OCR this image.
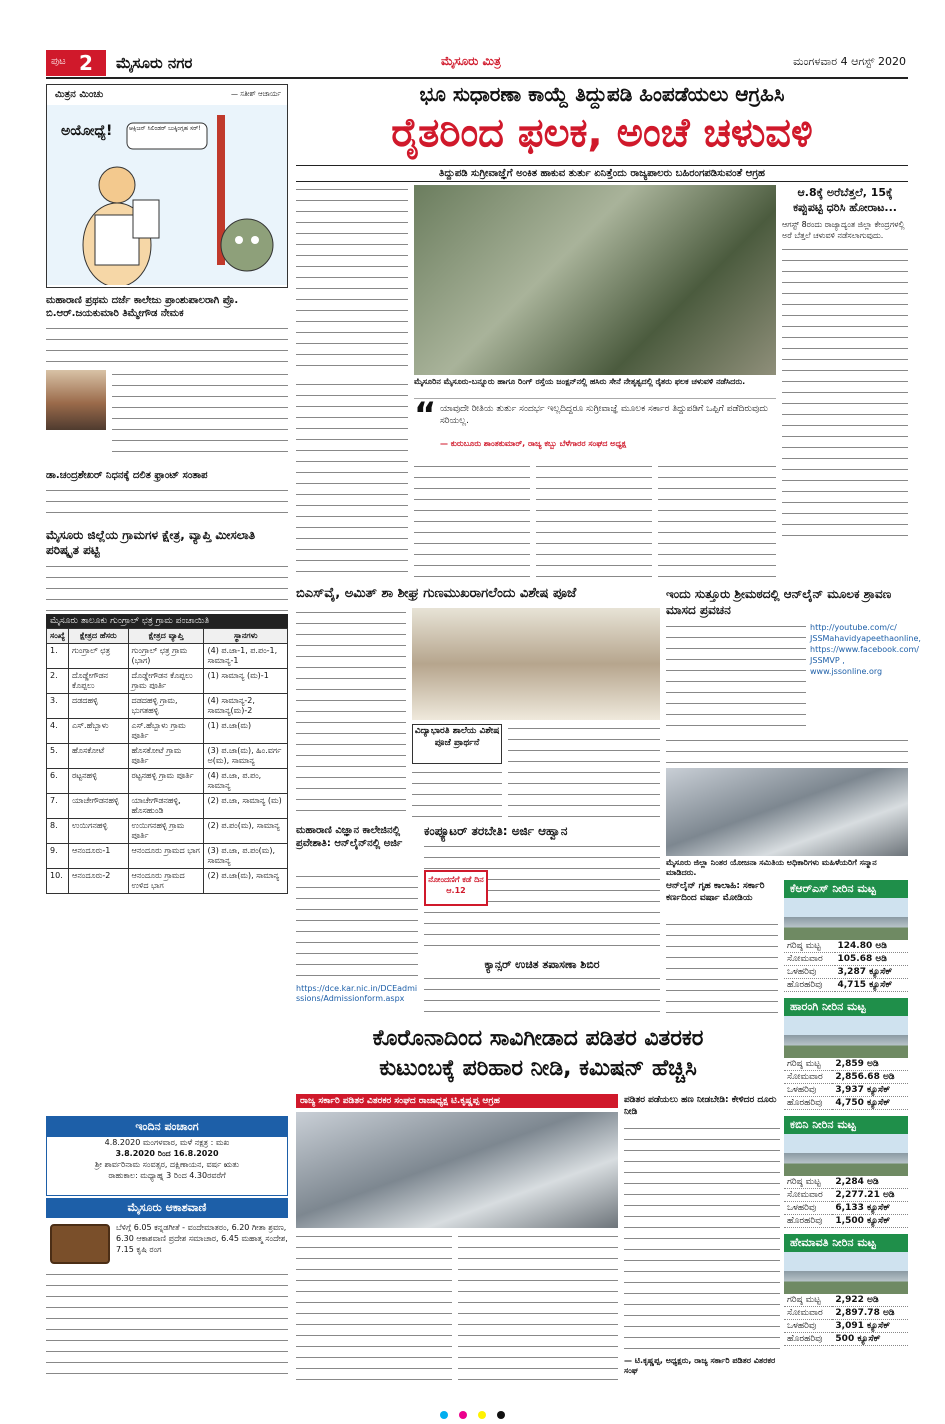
ಪುಟ 2 ಮೈಸೂರು ನಗರ	ಮೈಸೂರು ಮಿತ್ರ	ಮಂಗಳವಾರ 4 ಆಗಸ್ಟ್ 2020
ಮಿತ್ರನ ಮಿಂಚು	— ಸತೀಶ್ ಆಚಾರ್ಯ
ಅಯೋಧ್ಯೆ!	ಆಕ್ಸಿಜನ್ ಸಿಲಿಂಡರ್ ಬುಕ್ಕಿಂಗ್ಸಹ ಸರ್!
ಮಹಾರಾಣಿ ಪ್ರಥಮ ದರ್ಜೆ ಕಾಲೇಜು ಪ್ರಾಂಶುಪಾಲರಾಗಿ ಪ್ರೊ. ಬಿ.ಆರ್.ಜಯಕುಮಾರಿ ತಿಮ್ಮೇಗೌಡ ನೇಮಕ
ಡಾ.ಚಂದ್ರಶೇಖರ್ ನಿಧನಕ್ಕೆ ದಲಿತ ಫ್ರಾಂಟ್ ಸಂತಾಪ
ಮೈಸೂರು ಜಿಲ್ಲೆಯ ಗ್ರಾಮಗಳ ಕ್ಷೇತ್ರ, ವ್ಯಾಪ್ತಿ ಮೀಸಲಾತಿ ಪರಿಷ್ಕೃತ ಪಟ್ಟಿ
ಮೈಸೂರು ತಾಲೂಕು ಗುಂಗ್ರಾಲ್ ಛತ್ರ ಗ್ರಾಮ ಪಂಚಾಯಿತಿ
ಸಂಖ್ಯೆ	ಕ್ಷೇತ್ರದ ಹೆಸರು	ಕ್ಷೇತ್ರದ ವ್ಯಾಪ್ತಿ	ಸ್ಥಾನಗಳು
1.	ಗುಂಗ್ರಾಲ್ ಛತ್ರ	ಗುಂಗ್ರಾಲ್ ಛತ್ರ ಗ್ರಾಮ (ಭಾಗ)	(4) ಪ.ಜಾ-1, ಪ.ಪಂ-1, ಸಾಮಾನ್ಯ-1
2.	ದೊಡ್ಡೇಗೌಡನ ಕೊಪ್ಪಲು	ದೊಡ್ಡೇಗೌಡನ ಕೊಪ್ಪಲು ಗ್ರಾಮ ಪೂರ್ತಿ	(1) ಸಾಮಾನ್ಯ (ಮ)-1
3.	ದಡದಹಳ್ಳಿ	ದಡದಹಳ್ಳಿ ಗ್ರಾಮ, ಭುಗತಹಳ್ಳಿ	(4) ಸಾಮಾನ್ಯ-2, ಸಾಮಾನ್ಯ(ಮ)-2
4.	ಎಸ್.ಹೆಬ್ಬಾಳು	ಎಸ್.ಹೆಬ್ಬಾಳು ಗ್ರಾಮ ಪೂರ್ತಿ	(1) ಪ.ಜಾ(ಮ)
5.	ಹೊಸಕೋಟೆ	ಹೊಸಕೋಟೆ ಗ್ರಾಮ ಪೂರ್ತಿ	(3) ಪ.ಜಾ(ಮ), ಹಿಂ.ವರ್ಗ ಅ(ಮ), ಸಾಮಾನ್ಯ
6.	ರಟ್ಟನಹಳ್ಳಿ	ರಟ್ಟನಹಳ್ಳಿ ಗ್ರಾಮ ಪೂರ್ತಿ	(4) ಪ.ಜಾ, ಪ.ಪಂ, ಸಾಮಾನ್ಯ
7.	ಯಾಚೇಗೌಡನಹಳ್ಳಿ	ಯಾಚೇಗೌಡನಹಳ್ಳಿ, ಹೊಸಹುಂಡಿ	(2) ಪ.ಜಾ, ಸಾಮಾನ್ಯ (ಮ)
8.	ಉಯಿಗನಹಳ್ಳಿ	ಉಯಿಗನಹಳ್ಳಿ ಗ್ರಾಮ ಪೂರ್ತಿ	(2) ಪ.ಪಂ(ಮ), ಸಾಮಾನ್ಯ
9.	ಆನಂದೂರು-1	ಆನಂದೂರು ಗ್ರಾಮದ ಭಾಗ	(3) ಪ.ಜಾ, ಪ.ಪಂ(ಮ), ಸಾಮಾನ್ಯ
10.	ಆನಂದೂರು-2	ಆನಂದೂರು ಗ್ರಾಮದ ಉಳಿದ ಭಾಗ	(2) ಪ.ಜಾ(ಮ), ಸಾಮಾನ್ಯ
ಇಂದಿನ ಪಂಚಾಂಗ
4.8.2020 ಮಂಗಳವಾರ, ಮಳೆ ನಕ್ಷತ್ರ : ಮಖ
3.8.2020 ರಿಂದ 16.8.2020
ಶ್ರೀ ಶಾರ್ವರಿನಾಮ ಸಂವತ್ಸರ, ದಕ್ಷಿಣಾಯನ, ವರ್ಷ ಋತು
ರಾಹುಕಾಲ: ಮಧ್ಯಾಹ್ನ 3 ರಿಂದ 4.30ರವರೆಗೆ
ಮೈಸೂರು ಆಕಾಶವಾಣಿ
ಬೆಳಿಗ್ಗೆ 6.05 ಕನ್ನಡಗೀತೆ - ವಂದೇಮಾತರಂ, 6.20 ಗೀತಾ ಶ್ರವಣ, 6.30 ಆಕಾಶವಾಣಿ ಪ್ರದೇಶ ಸಮಾಚಾರ, 6.45 ಮಹಾತ್ಮ ಸಂದೇಶ, 7.15 ಕೃಷಿ ರಂಗ
ಭೂ ಸುಧಾರಣಾ ಕಾಯ್ದೆ ತಿದ್ದುಪಡಿ ಹಿಂಪಡೆಯಲು ಆಗ್ರಹಿಸಿ
ರೈತರಿಂದ ಫಲಕ, ಅಂಚೆ ಚಳುವಳಿ
ತಿದ್ದುಪಡಿ ಸುಗ್ರೀವಾಜ್ಞೆಗೆ ಅಂಕಿತ ಹಾಕುವ ತುರ್ತು ಏನಿತ್ತೆಂದು ರಾಜ್ಯಪಾಲರು ಬಹಿರಂಗಪಡಿಸುವಂತೆ ಆಗ್ರಹ
ಮೈಸೂರಿನ ಮೈಸೂರು-ಬನ್ನೂರು ಹಾಗೂ ರಿಂಗ್ ರಸ್ತೆಯ ಜಂಕ್ಷನ್‌ನಲ್ಲಿ ಹಸಿರು ಸೇನೆ ನೇತೃತ್ವದಲ್ಲಿ ರೈತರು ಫಲಕ ಚಳುವಳಿ ನಡೆಸಿದರು.
“ ಯಾವುದೇ ರೀತಿಯ ತುರ್ತು ಸಂದರ್ಭ ಇಲ್ಲದಿದ್ದರೂ ಸುಗ್ರೀವಾಜ್ಞೆ ಮೂಲಕ ಸರ್ಕಾರ ತಿದ್ದುಪಡಿಗೆ ಒಪ್ಪಿಗೆ ಪಡೆದಿರುವುದು ಸರಿಯಲ್ಲ.
— ಕುರುಬೂರು ಶಾಂತಕುಮಾರ್, ರಾಜ್ಯ ಕಬ್ಬು ಬೆಳೆಗಾರರ ಸಂಘದ ಅಧ್ಯಕ್ಷ
ಆ.8ಕ್ಕೆ ಅರೆಬೆತ್ತಲೆ, 15ಕ್ಕೆ ಕಪ್ಪುಪಟ್ಟಿ ಧರಿಸಿ ಹೋರಾಟ...
ಆಗಸ್ಟ್ 8ರಂದು ರಾಜ್ಯಾದ್ಯಂತ ಜಿಲ್ಲಾ ಕೇಂದ್ರಗಳಲ್ಲಿ ಅರೆ ಬೆತ್ತಲೆ ಚಳುವಳಿ ನಡೆಸಲಾಗುವುದು.
ಬಿಎಸ್‌ವೈ, ಅಮಿತ್ ಶಾ ಶೀಘ್ರ ಗುಣಮುಖರಾಗಲೆಂದು ವಿಶೇಷ ಪೂಜೆ
ವಿದ್ಯಾಭಾರತಿ ಶಾಲೆಯ ವಿಶೇಷ ಪೂಜೆ ಪ್ರಾರ್ಥನೆ
ಇಂದು ಸುತ್ತೂರು ಶ್ರೀಮಠದಲ್ಲಿ ಆನ್‌ಲೈನ್ ಮೂಲಕ ಶ್ರಾವಣ ಮಾಸದ ಪ್ರವಚನ
http://youtube.com/c/
JSSMahavidyapeethaonline,
https://www.facebook.com/
JSSMVP , www.jssonline.org
ಮೈಸೂರು ಜಿಲ್ಲಾ ನಿಂತರ ಯೋಜನಾ ಸಮಿತಿಯ ಅಧಿಕಾರಿಗಳು ಮಹಿಳೆಯರಿಗೆ ಸನ್ಮಾನ ಮಾಡಿದರು.
ಮಹಾರಾಣಿ ವಿಜ್ಞಾನ ಕಾಲೇಜಿನಲ್ಲಿ ಪ್ರವೇಶಾತಿ: ಆನ್‌ಲೈನ್‌ನಲ್ಲಿ ಅರ್ಜಿ
https://dce.kar.nic.in/DCEadmissions/Admissionform.aspx
ಕಂಪ್ಯೂಟರ್ ತರಬೇತಿ: ಅರ್ಜಿ ಆಹ್ವಾನ
ನೋಂದಣಿಗೆ ಕಡೆ ದಿನ ಆ.12
ಕ್ಯಾನ್ಸರ್ ಉಚಿತ ತಪಾಸಣಾ ಶಿಬಿರ
ಆನ್‌ಲೈನ್ ಗೃಹ ಕಾಲಾಹಿ: ಸರ್ಕಾರಿ ಕರ್ಣದಿಂದ ವರ್ಷಾ ಮೋಡಿಯ
ಕೆಆರ್‌ಎಸ್ ನೀರಿನ ಮಟ್ಟ
ಗರಿಷ್ಠ ಮಟ್ಟ	124.80 ಅಡಿ
ಸೋಮವಾರ	105.68 ಅಡಿ
ಒಳಹರಿವು	3,287 ಕ್ಯೂಸೆಕ್
ಹೊರಹರಿವು	4,715 ಕ್ಯೂಸೆಕ್
ಹಾರಂಗಿ ನೀರಿನ ಮಟ್ಟ
ಗರಿಷ್ಠ ಮಟ್ಟ	2,859 ಅಡಿ
ಸೋಮವಾರ	2,856.68 ಅಡಿ
ಒಳಹರಿವು	3,937 ಕ್ಯೂಸೆಕ್
ಹೊರಹರಿವು	4,750 ಕ್ಯೂಸೆಕ್
ಕಬಿನಿ ನೀರಿನ ಮಟ್ಟ
ಗರಿಷ್ಠ ಮಟ್ಟ	2,284 ಅಡಿ
ಸೋಮವಾರ	2,277.21 ಅಡಿ
ಒಳಹರಿವು	6,133 ಕ್ಯೂಸೆಕ್
ಹೊರಹರಿವು	1,500 ಕ್ಯೂಸೆಕ್
ಹೇಮಾವತಿ ನೀರಿನ ಮಟ್ಟ
ಗರಿಷ್ಠ ಮಟ್ಟ	2,922 ಅಡಿ
ಸೋಮವಾರ	2,897.78 ಅಡಿ
ಒಳಹರಿವು	3,091 ಕ್ಯೂಸೆಕ್
ಹೊರಹರಿವು	500 ಕ್ಯೂಸೆಕ್
ಕೊರೊನಾದಿಂದ ಸಾವಿಗೀಡಾದ ಪಡಿತರ ವಿತರಕರ
ಕುಟುಂಬಕ್ಕೆ ಪರಿಹಾರ ನೀಡಿ, ಕಮಿಷನ್ ಹೆಚ್ಚಿಸಿ
ರಾಜ್ಯ ಸರ್ಕಾರಿ ಪಡಿತರ ವಿತರಕರ ಸಂಘದ ರಾಜಾಧ್ಯಕ್ಷ ಟಿ.ಕೃಷ್ಣಪ್ಪ ಆಗ್ರಹ	ಪಡಿತರ ಪಡೆಯಲು ಹಣ ನೀಡಬೇಡಿ: ಕೇಳಿದರ ದೂರು ನೀಡಿ
— ಟಿ.ಕೃಷ್ಣಪ್ಪ, ಅಧ್ಯಕ್ಷರು, ರಾಜ್ಯ ಸರ್ಕಾರಿ ಪಡಿತರ ವಿತರಕರ ಸಂಘ
